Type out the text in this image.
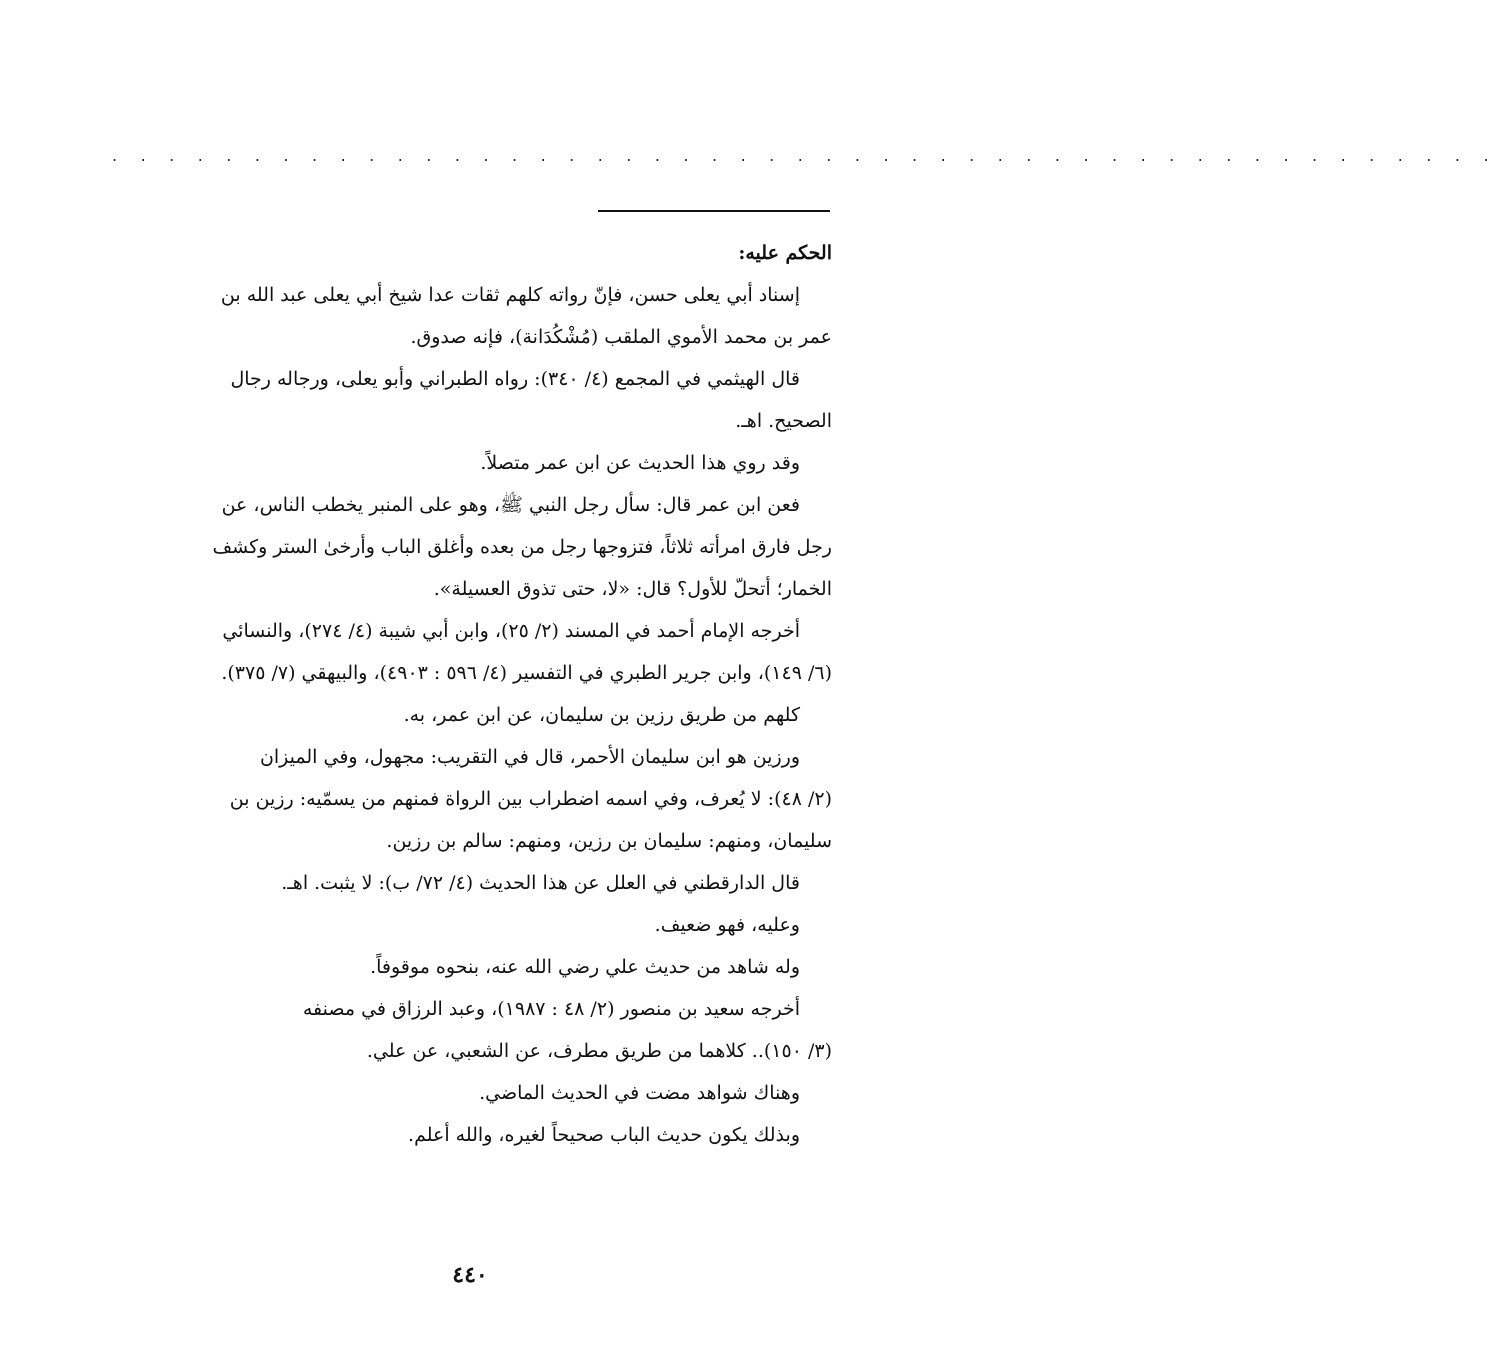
. . . . . . . . . . . . . . . . . . . . . . . . . . . . . . . . . . . . . . . . . . . . . . . . .
الحكم عليه:
إسناد أبي يعلى حسن، فإنّ رواته كلهم ثقات عدا شيخ أبي يعلى عبد الله بن
عمر بن محمد الأموي الملقب (مُشْكُدَانة)، فإنه صدوق.
قال الهيثمي في المجمع (٤/ ٣٤٠): رواه الطبراني وأبو يعلى، ورجاله رجال
الصحيح. اهـ.
وقد روي هذا الحديث عن ابن عمر متصلاً.
فعن ابن عمر قال: سأل رجل النبي ﷺ، وهو على المنبر يخطب الناس، عن
رجل فارق امرأته ثلاثاً، فتزوجها رجل من بعده وأغلق الباب وأرخىٰ الستر وكشف
الخمار؛ أتحلّ للأول؟ قال: «لا، حتى تذوق العسيلة».
أخرجه الإمام أحمد في المسند (٢/ ٢٥)، وابن أبي شيبة (٤/ ٢٧٤)، والنسائي
(٦/ ١٤٩)، وابن جرير الطبري في التفسير (٤/ ٥٩٦ : ٤٩٠٣)، والبيهقي (٧/ ٣٧٥).
كلهم من طريق رزين بن سليمان، عن ابن عمر، به.
ورزين هو ابن سليمان الأحمر، قال في التقريب: مجهول، وفي الميزان
(٢/ ٤٨): لا يُعرف، وفي اسمه اضطراب بين الرواة فمنهم من يسمّيه: رزين بن
سليمان، ومنهم: سليمان بن رزين، ومنهم: سالم بن رزين.
قال الدارقطني في العلل عن هذا الحديث (٤/ ٧٢/ ب): لا يثبت. اهـ.
وعليه، فهو ضعيف.
وله شاهد من حديث علي رضي الله عنه، بنحوه موقوفاً.
أخرجه سعيد بن منصور (٢/ ٤٨ : ١٩٨٧)، وعبد الرزاق في مصنفه
(٣/ ١٥٠).. كلاهما من طريق مطرف، عن الشعبي، عن علي.
وهناك شواهد مضت في الحديث الماضي.
وبذلك يكون حديث الباب صحيحاً لغيره، والله أعلم.
٤٤٠
